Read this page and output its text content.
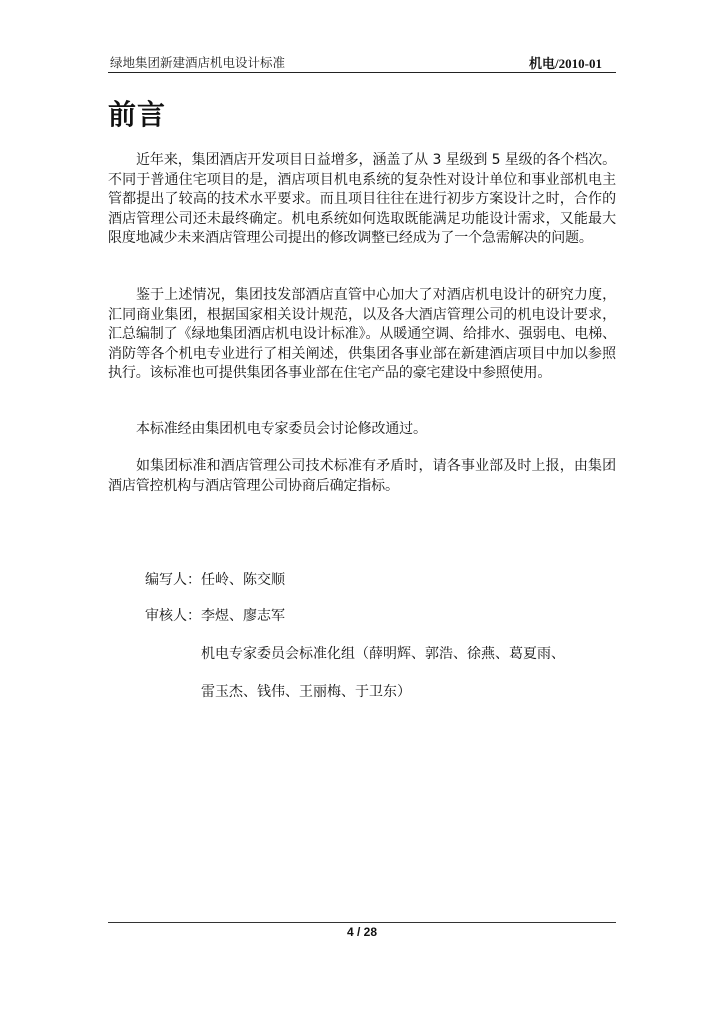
绿地集团新建酒店机电设计标准	机电/2010-01
前言

近年来，集团酒店开发项目日益增多，涵盖了从 3 星级到 5 星级的各个档次。不同于普通住宅项目的是，酒店项目机电系统的复杂性对设计单位和事业部机电主管都提出了较高的技术水平要求。而且项目往往在进行初步方案设计之时，合作的酒店管理公司还未最终确定。机电系统如何选取既能满足功能设计需求，又能最大限度地减少未来酒店管理公司提出的修改调整已经成为了一个急需解决的问题。

鉴于上述情况，集团技发部酒店直管中心加大了对酒店机电设计的研究力度，汇同商业集团，根据国家相关设计规范，以及各大酒店管理公司的机电设计要求，汇总编制了《绿地集团酒店机电设计标准》。从暖通空调、给排水、强弱电、电梯、消防等各个机电专业进行了相关阐述，供集团各事业部在新建酒店项目中加以参照执行。该标准也可提供集团各事业部在住宅产品的豪宅建设中参照使用。

本标准经由集团机电专家委员会讨论修改通过。

如集团标准和酒店管理公司技术标准有矛盾时，请各事业部及时上报，由集团酒店管控机构与酒店管理公司协商后确定指标。

编写人：任岭、陈交顺
审核人：李煜、廖志军
机电专家委员会标准化组（薛明辉、郭浩、徐燕、葛夏雨、
雷玉杰、钱伟、王丽梅、于卫东）
4 / 28
